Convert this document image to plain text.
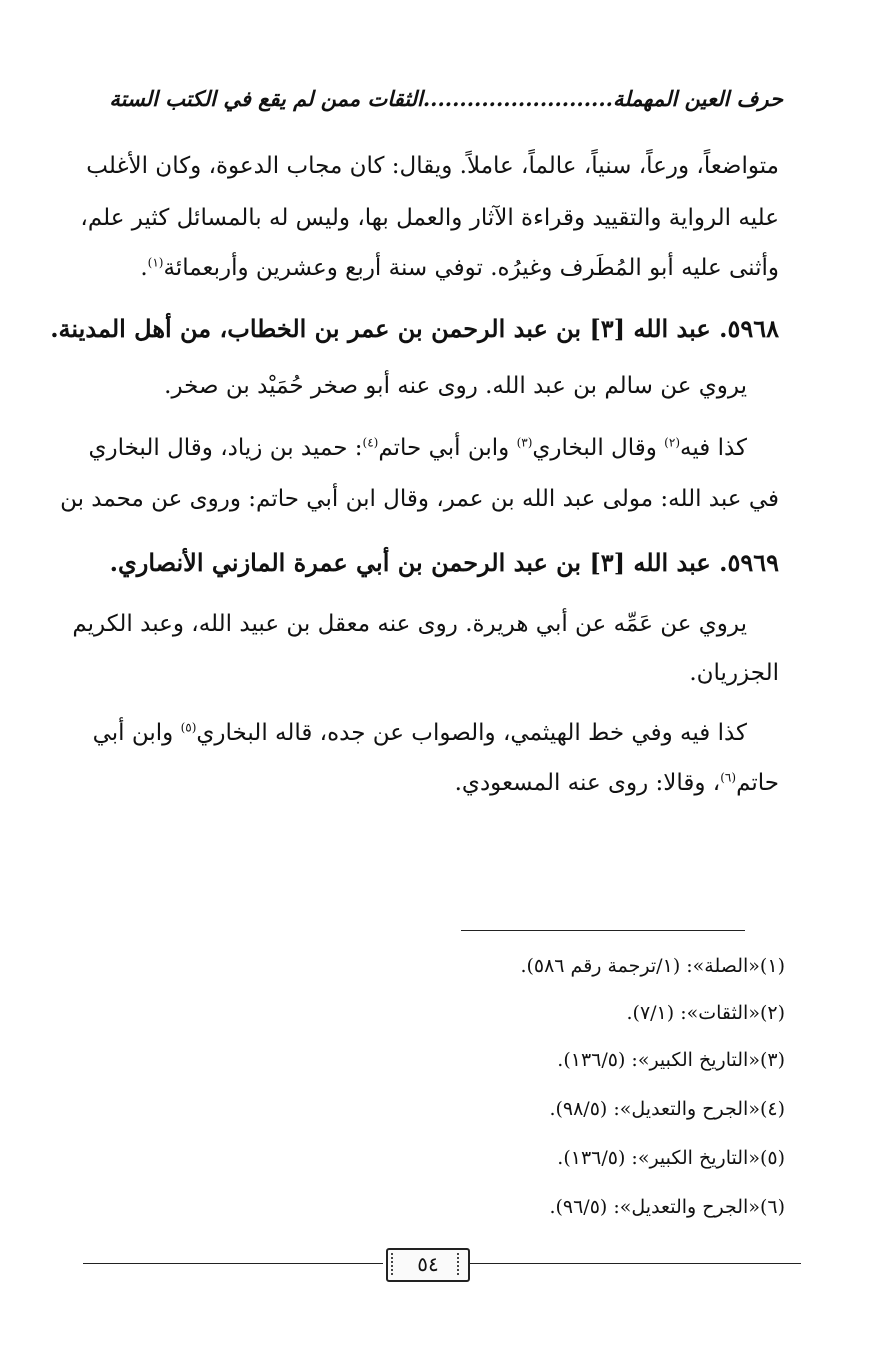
حرف العين المهملة..........................الثقات ممن لم يقع في الكتب الستة
متواضعاً، ورعاً، سنياً، عالماً، عاملاً. ويقال: كان مجاب الدعوة، وكان الأغلب
عليه الرواية والتقييد وقراءة الآثار والعمل بها، وليس له بالمسائل كثير علم،
وأثنى عليه أبو المُطَرف وغيرُه. توفي سنة أربع وعشرين وأربعمائة$^{(١)}$.
٥٩٦٨. عبد الله [٣] بن عبد الرحمن بن عمر بن الخطاب، من أهل المدينة.
يروي عن سالم بن عبد الله. روى عنه أبو صخر حُمَيْد بن صخر.
كذا فيه$^{(٢)}$ وقال البخاري$^{(٣)}$ وابن أبي حاتم$^{(٤)}$: حميد بن زياد، وقال البخاري
في عبد الله: مولى عبد الله بن عمر، وقال ابن أبي حاتم: وروى عن محمد بن
٥٩٦٩. عبد الله [٣] بن عبد الرحمن بن أبي عمرة المازني الأنصاري.
يروي عن عَمِّه عن أبي هريرة. روى عنه معقل بن عبيد الله، وعبد الكريم
الجزريان.
كذا فيه وفي خط الهيثمي، والصواب عن جده، قاله البخاري$^{(٥)}$ وابن أبي
حاتم$^{(٦)}$، وقالا: روى عنه المسعودي.
(١)«الصلة»: (١/ترجمة رقم ٥٨٦).
(٢)«الثقات»: (٧/١).
(٣)«التاريخ الكبير»: (١٣٦/٥).
(٤)«الجرح والتعديل»: (٩٨/٥).
(٥)«التاريخ الكبير»: (١٣٦/٥).
(٦)«الجرح والتعديل»: (٩٦/٥).
٥٤
